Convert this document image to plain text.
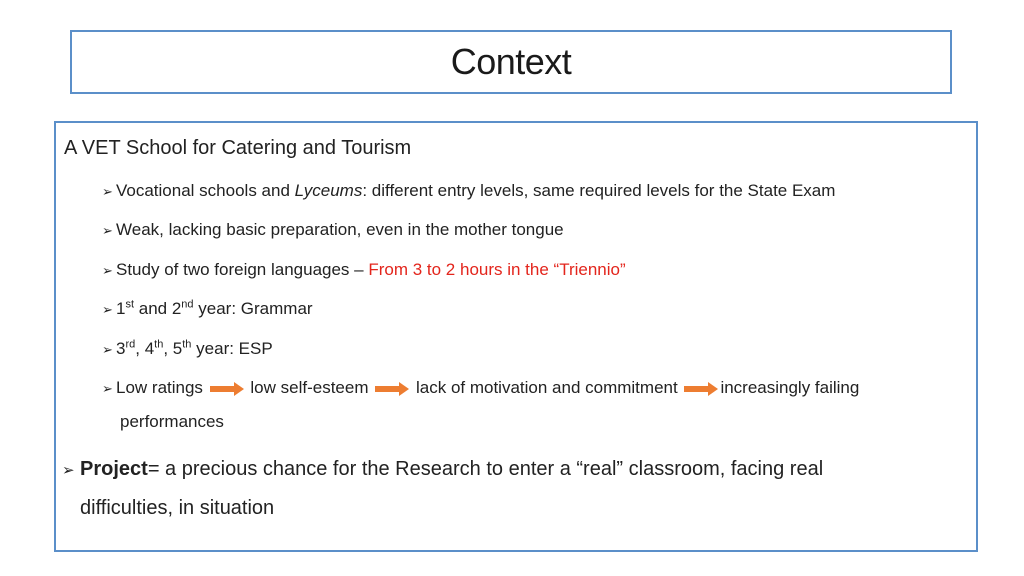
Context
A VET School for Catering and Tourism
➢ Vocational schools and Lyceums: different entry levels, same required levels for the State Exam
➢ Weak, lacking basic preparation, even in the mother tongue
➢ Study of two foreign languages – From 3 to 2 hours in the “Triennio”
➢ 1st and 2nd year: Grammar
➢ 3rd, 4th, 5th year: ESP
➢ Low ratings	low self-esteem	lack of motivation and commitment	increasingly failing
performances
➢ Project= a precious chance for the Research to enter a “real” classroom, facing real
difficulties, in situation
